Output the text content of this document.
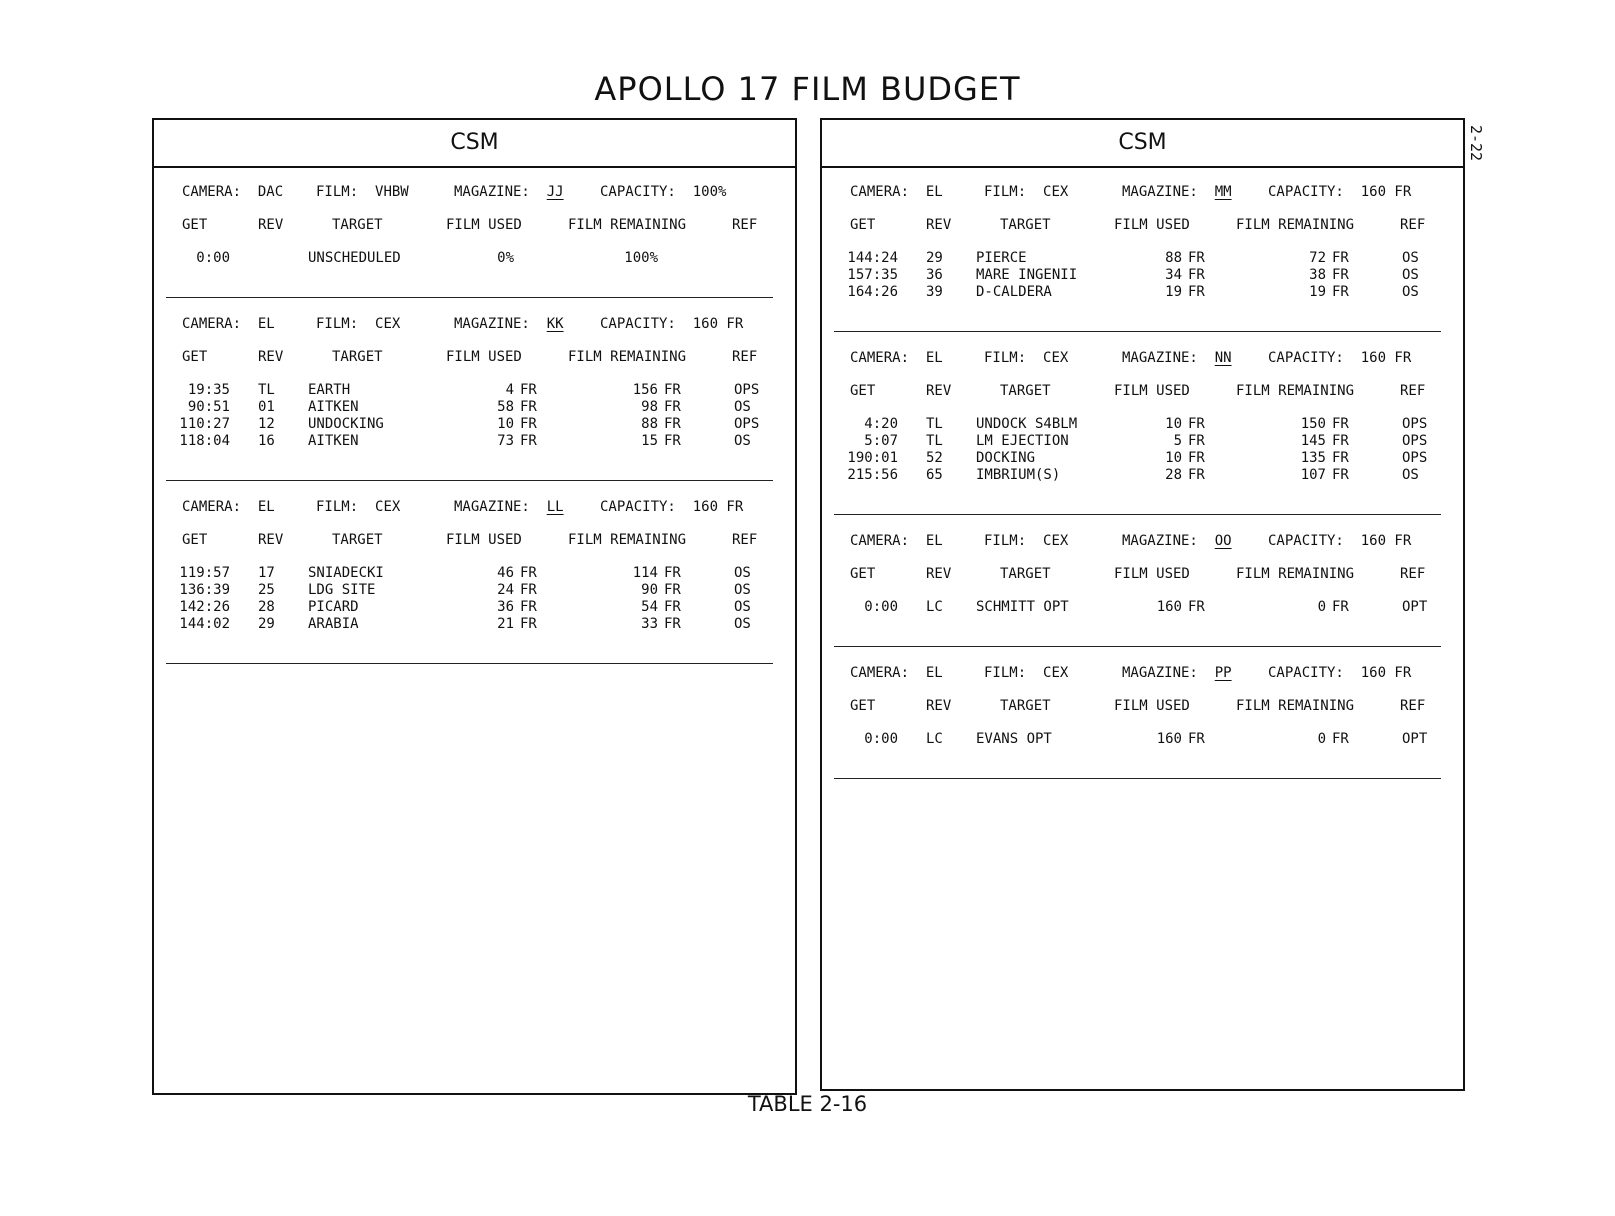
APOLLO 17 FILM BUDGET
2-22
CSM
CAMERA: DAC FILM: VHBW	MAGAZINE: JJ	CAPACITY: 100%
GET	REV	TARGET	FILM USED	FILM REMAINING	REF
0:00	UNSCHEDULED	0%	100%
CAMERA: EL	FILM: CEX	MAGAZINE: KK	CAPACITY: 160 FR
GET	REV	TARGET	FILM USED	FILM REMAINING	REF
19:35 TL EARTH	4 FR	156 FR	OPS
90:51 01 AITKEN	58 FR	98 FR	OS
110:27 12 UNDOCKING	10 FR	88 FR	OPS
118:04 16 AITKEN	73 FR	15 FR	OS
CAMERA: EL	FILM: CEX	MAGAZINE: LL	CAPACITY: 160 FR
GET	REV	TARGET	FILM USED	FILM REMAINING	REF
119:57 17 SNIADECKI	46 FR	114 FR	OS
136:39 25 LDG SITE	24 FR	90 FR	OS
142:26 28 PICARD	36 FR	54 FR	OS
144:02 29 ARABIA	21 FR	33 FR	OS
CSM
CAMERA: EL	FILM: CEX	MAGAZINE: MM	CAPACITY: 160 FR
GET	REV	TARGET	FILM USED	FILM REMAINING	REF
144:24 29 PIERCE	88 FR	72 FR	OS
157:35 36 MARE INGENII	34 FR	38 FR	OS
164:26 39 D-CALDERA	19 FR	19 FR	OS
CAMERA: EL	FILM: CEX	MAGAZINE: NN	CAPACITY: 160 FR
GET	REV	TARGET	FILM USED	FILM REMAINING	REF
4:20 TL UNDOCK S4BLM	10 FR	150 FR	OPS
5:07 TL LM EJECTION	5 FR	145 FR	OPS
190:01 52 DOCKING	10 FR	135 FR	OPS
215:56 65 IMBRIUM(S)	28 FR	107 FR	OS
CAMERA: EL	FILM: CEX	MAGAZINE: OO	CAPACITY: 160 FR
GET	REV	TARGET	FILM USED	FILM REMAINING	REF
0:00 LC SCHMITT OPT	160 FR	0 FR	OPT
CAMERA: EL	FILM: CEX	MAGAZINE: PP	CAPACITY: 160 FR
GET	REV	TARGET	FILM USED	FILM REMAINING	REF
0:00 LC EVANS OPT	160 FR	0 FR	OPT
TABLE 2-16
